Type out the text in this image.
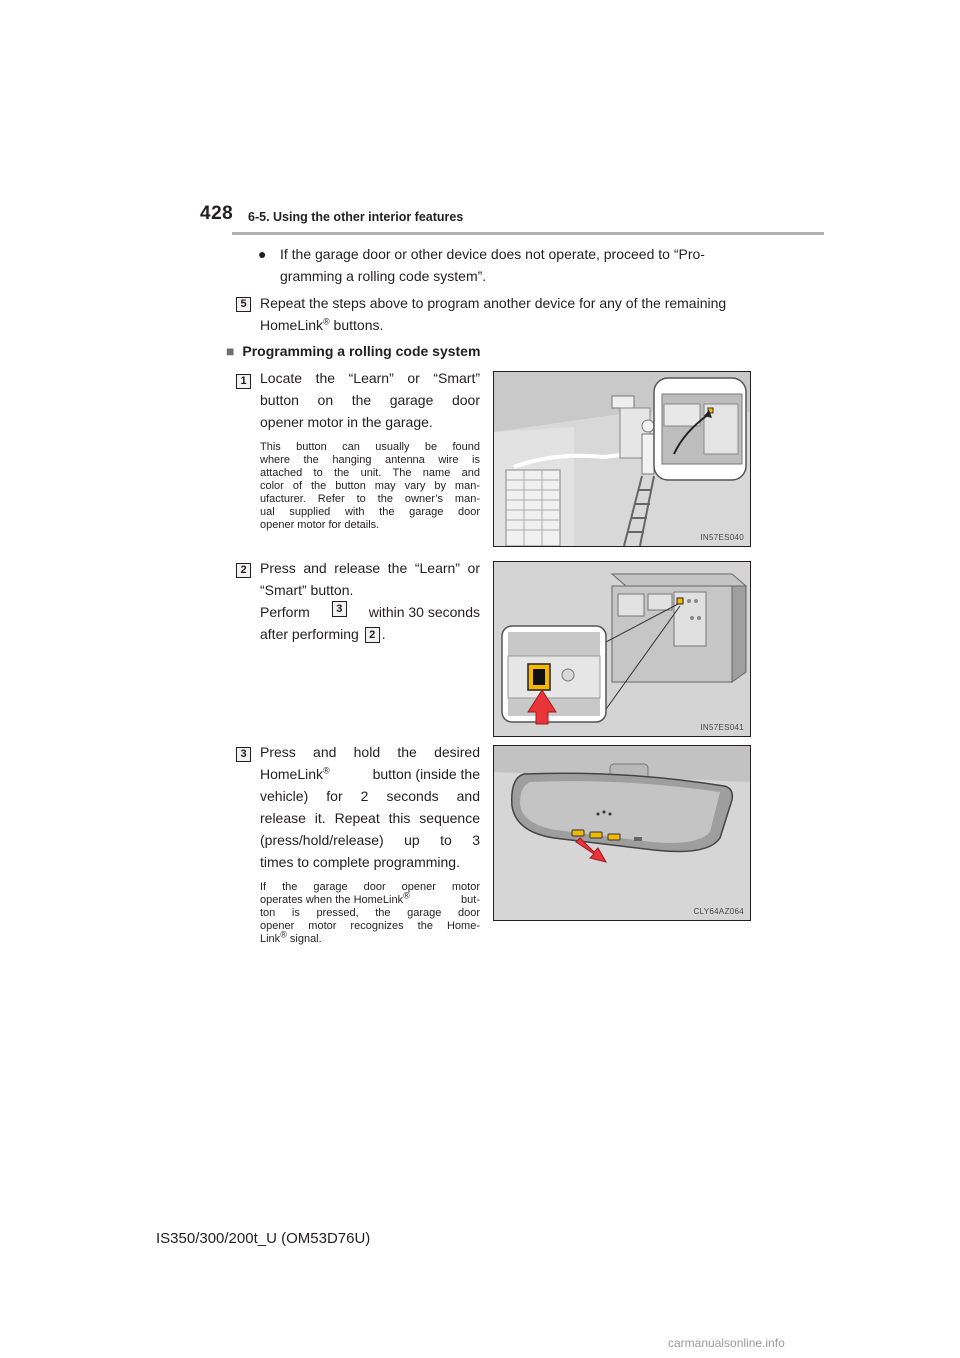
428 6-5. Using the other interior features
● If the garage door or other device does not operate, proceed to “Pro-
gramming a rolling code system”.
5 Repeat the steps above to program another device for any of the remaining
HomeLink® buttons.
■ Programming a rolling code system
1 Locate the “Learn” or “Smart”
button on the garage door
opener motor in the garage.
This button can usually be found
where the hanging antenna wire is
attached to the unit. The name and
color of the button may vary by man-
ufacturer. Refer to the owner’s man-
ual supplied with the garage door
opener motor for details.
IN57ES040
2 Press and release the “Learn” or
“Smart” button.
Perform	3	within 30 seconds
after performing 2 .
IN57ES041
3 Press and hold the desired
HomeLink®	button (inside the
vehicle) for 2 seconds and
release it. Repeat this sequence
(press/hold/release) up to 3
times to complete programming.
If the garage door opener motor
operates when the HomeLink®	but-
ton is pressed, the garage door
opener motor recognizes the Home-
Link® signal.
CLY64AZ064
IS350/300/200t_U (OM53D76U)
carmanualsonline.info
